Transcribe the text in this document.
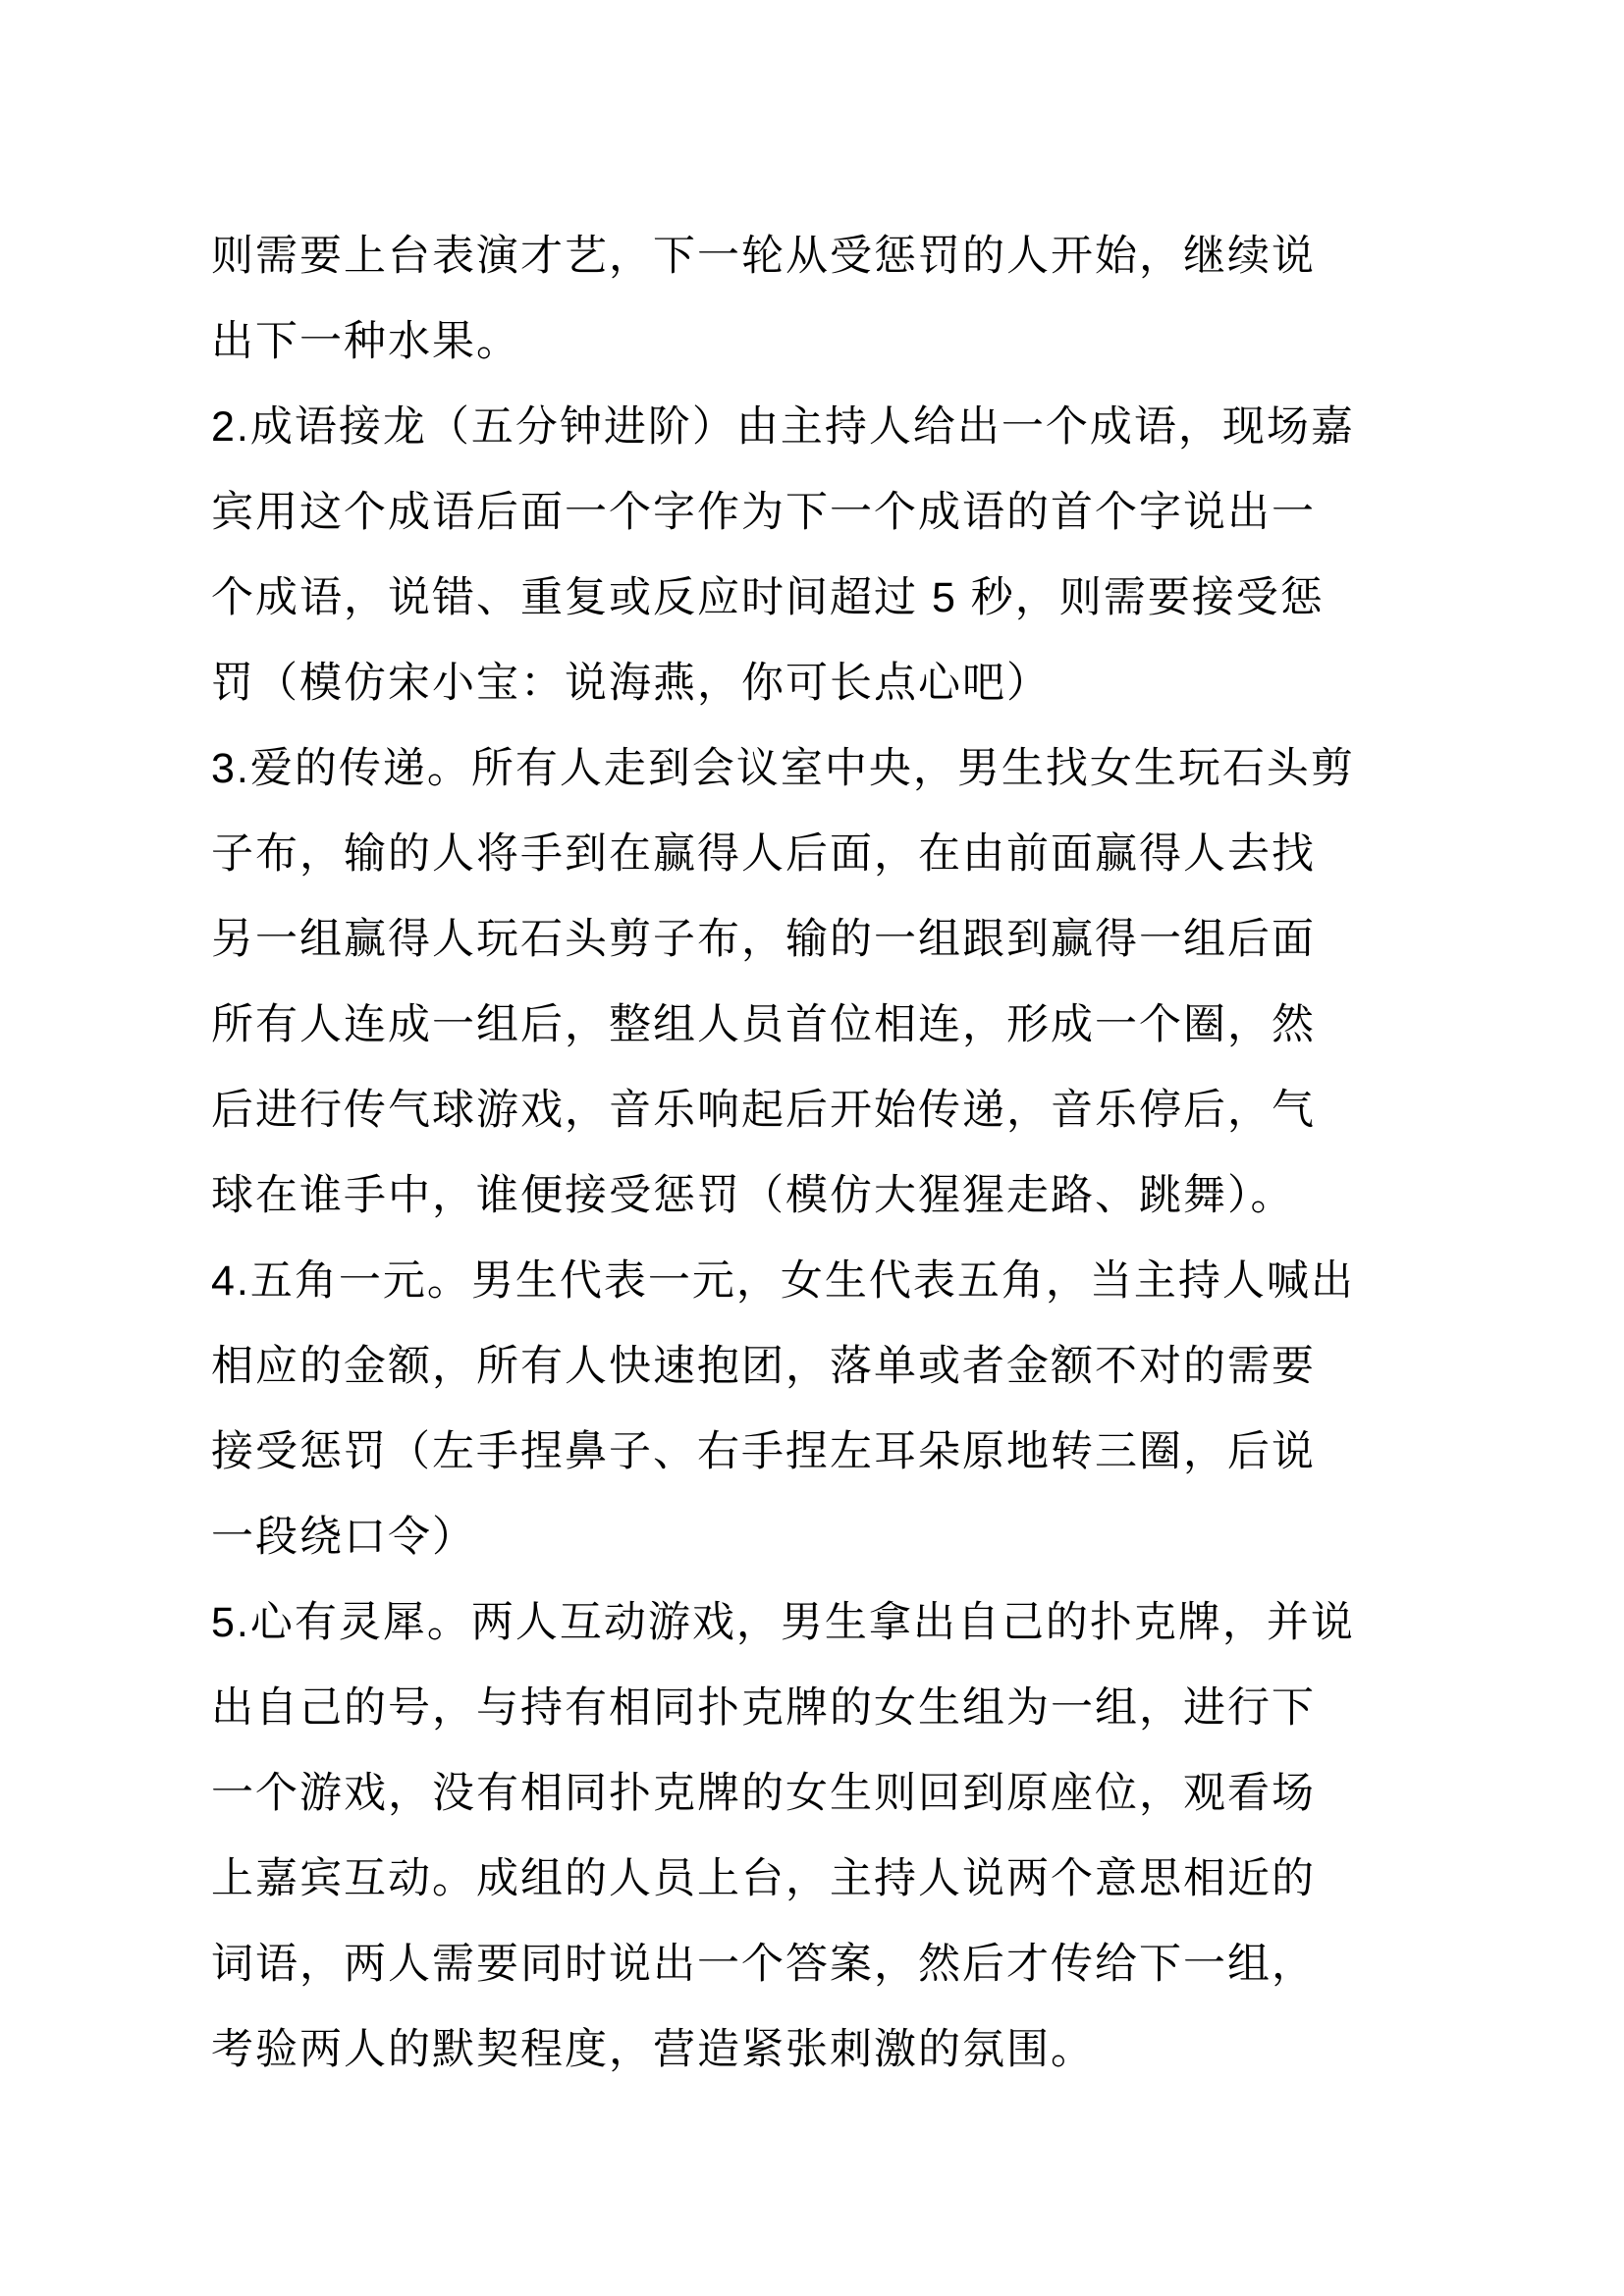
则需要上台表演才艺，下一轮从受惩罚的人开始，继续说
出下一种水果。
2.成语接龙（五分钟进阶）由主持人给出一个成语，现场嘉
宾用这个成语后面一个字作为下一个成语的首个字说出一
个成语，说错、重复或反应时间超过 5 秒，则需要接受惩
罚（模仿宋小宝：说海燕，你可长点心吧）
3.爱的传递。所有人走到会议室中央，男生找女生玩石头剪
子布，输的人将手到在赢得人后面，在由前面赢得人去找
另一组赢得人玩石头剪子布，输的一组跟到赢得一组后面
所有人连成一组后，整组人员首位相连，形成一个圈，然
后进行传气球游戏，音乐响起后开始传递，音乐停后，气
球在谁手中，谁便接受惩罚（模仿大猩猩走路、跳舞）。
4.五角一元。男生代表一元，女生代表五角，当主持人喊出
相应的金额，所有人快速抱团，落单或者金额不对的需要
接受惩罚（左手捏鼻子、右手捏左耳朵原地转三圈，后说
一段绕口令）
5.心有灵犀。两人互动游戏，男生拿出自己的扑克牌，并说
出自己的号，与持有相同扑克牌的女生组为一组，进行下
一个游戏，没有相同扑克牌的女生则回到原座位，观看场
上嘉宾互动。成组的人员上台，主持人说两个意思相近的
词语，两人需要同时说出一个答案，然后才传给下一组，
考验两人的默契程度，营造紧张刺激的氛围。
